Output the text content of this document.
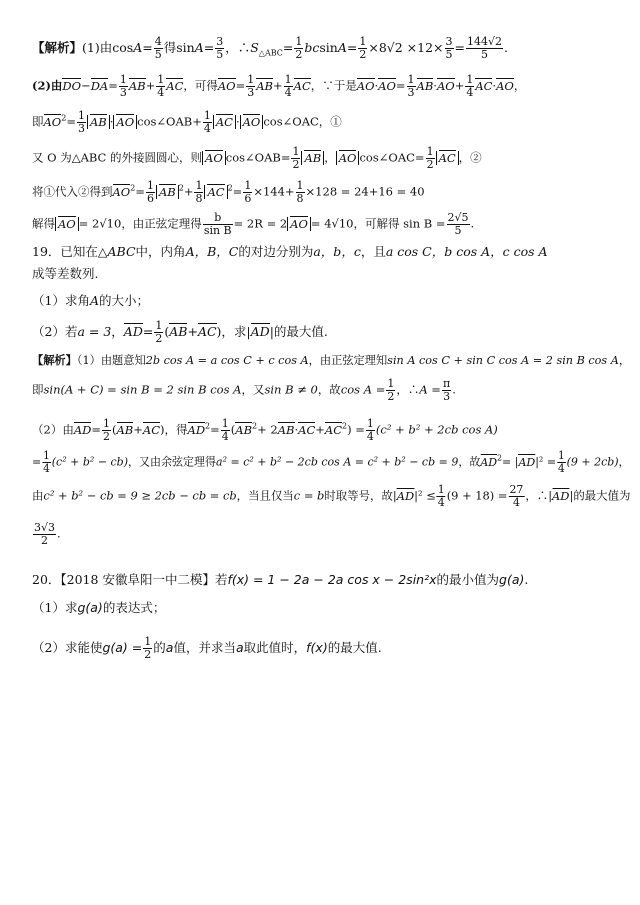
【解析】(1)由$\cos A= \frac{4}{5}$ 得$\sin A= \frac{3}{5}$ ，$\therefore S_{\triangle ABC}= \frac{1}{2} bcsinA= \frac{1}{2} \times 8√2 \times 12\times \frac{3}{5} = \frac{144√2}{5}$ .
(2)由$DO-DA= \frac{1}{3} AB+ \frac{1}{4}$ AC，可得$AO= \frac{1}{3} AB+ \frac{1}{4}$ AC，∵于是$AO\cdot AO= \frac{1}{3} AB\cdot AO+ \frac{1}{4} AC\cdot AO$，
即$AO^2= \frac{1}{3}$ AB · AO cos∠OAB+ $\frac{1}{4}$ AC · AO cos∠OAC，①
又 O 为△ABC 的外接圆圆心，则 AO cos∠OAB= $\frac{1}{2}$ AB ， AO cos∠OAC= $\frac{1}{2}$ AC ，②
将①代入②得到$AO^2= \frac{1}{6}$ AB $^2+ \frac{1}{8}$ AC $^2= \frac{1}{6} \times 144+ \frac{1}{8} \times 128 = 24+16 = 40$
解得 AO = 2√10，由正弦定理得 $\frac{b}{\text{sin B}} = 2R = 2$ AO = 4√10，可解得 $\sin B = \frac{2√5}{5}$ .
19．已知在△ABC中，内角A，B，C的对边分别为a，b，c，且a cos C，b cos A，c cos A
成等差数列.
（1）求角A的大小；
（2）若a = 3，$AD= \frac{1}{2} (AB+AC)$，求|AD|的最大值.
【解析】（1）由题意知2b cos A = a cos C + c cos A，由正弦定理知sin A cos C + sin C cos A = 2 sin B cos A，
即sin(A + C) = sin B = 2 sin B cos A，又sin B ≠ 0，故$\cos A = \frac{1}{2}$ ，∴A = $\frac{\pi}{3}$ .
（2）由$AD= \frac{1}{2} (AB+AC)$，得$AD^2= \frac{1}{4} (AB^2+ 2AB\cdot AC+AC^2) = \frac{1}{4} (c^2 + b^2 + 2cb$ cos A)
= $\frac{1}{4} (c^2 + b^2 - cb)$，又由余弦定理得a² = c² + b² − 2cb cos A = c² + b² − cb = 9，故$AD^2= |AD|^2 = \frac{1}{4} (9 + 2cb)$，
由c² + b² − cb = 9 ≥ 2cb − cb = cb，当且仅当c = b时取等号，故$|AD|^2 \le \frac{1}{4} (9 + 18) = \frac{27}{4}$ ，∴|AD|的最大值为
$\frac{3√3}{2}$ .
20．【2018 安徽阜阳一中二模】若f(x) = 1 − 2a − 2a cos x − 2sin²x的最小值为g(a).
（1）求g(a)的表达式；
（2）求能使$g(a) = \frac{1}{2}$ 的a值，并求当a取此值时，f(x)的最大值.
